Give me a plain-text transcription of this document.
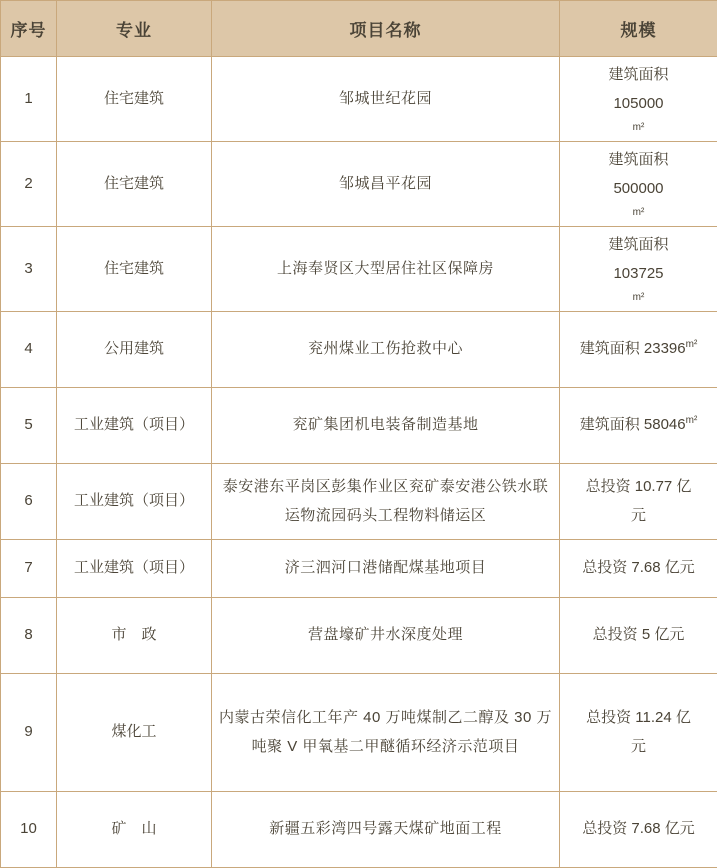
序号	专业	项目名称	规模
1	住宅建筑	邹城世纪花园	建筑面积
105000
m²

2	住宅建筑	邹城昌平花园	建筑面积
500000
m²

3	住宅建筑	上海奉贤区大型居住社区保障房	建筑面积
103725
m²

4	公用建筑	兖州煤业工伤抢救中心	建筑面积 $23396^{m^2}$
5	工业建筑（项目）	兖矿集团机电装备制造基地	建筑面积 $58046^{m^2}$
6	工业建筑（项目）	泰安港东平岗区彭集作业区兖矿泰安港公铁水联运物流园码头工程物料储运区	总投资 10.77 亿
元

7	工业建筑（项目）	济三泗河口港储配煤基地项目	总投资 7.68 亿元
8	市　政	营盘壕矿井水深度处理	总投资 5 亿元
9	煤化工	内蒙古荣信化工年产 40 万吨煤制乙二醇及 30 万吨聚 V 甲氧基二甲醚循环经济示范项目	总投资 11.24 亿
元

10	矿　山	新疆五彩湾四号露天煤矿地面工程	总投资 7.68 亿元
